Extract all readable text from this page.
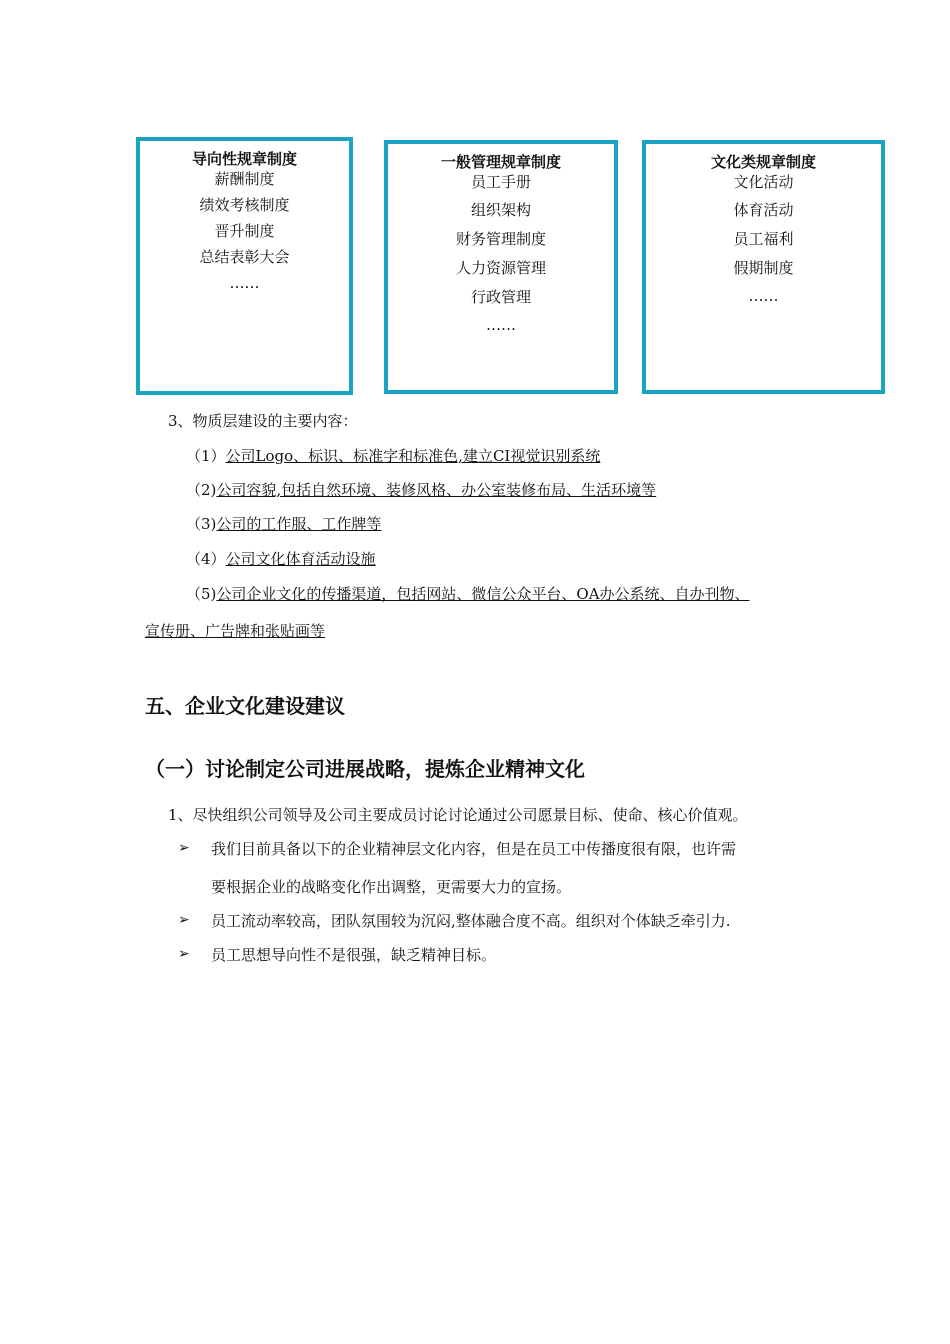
导向性规章制度
薪酬制度
绩效考核制度
晋升制度
总结表彰大会
……
一般管理规章制度
员工手册
组织架构
财务管理制度
人力资源管理
行政管理
……
文化类规章制度
文化活动
体育活动
员工福利
假期制度
……
3、物质层建设的主要内容：
（1）公司Logo、标识、标准字和标准色,建立CI视觉识别系统
（2)公司容貌,包括自然环境、装修风格、办公室装修布局、生活环境等
（3)公司的工作服、工作牌等
（4）公司文化体育活动设施
（5)公司企业文化的传播渠道，包括网站、微信公众平台、OA办公系统、自办刊物、
宣传册、广告牌和张贴画等
五、企业文化建设建议
（一）讨论制定公司进展战略，提炼企业精神文化
1、尽快组织公司领导及公司主要成员讨论讨论通过公司愿景目标、使命、核心价值观。
➢ 我们目前具备以下的企业精神层文化内容，但是在员工中传播度很有限，也许需
要根据企业的战略变化作出调整，更需要大力的宣扬。
➢ 员工流动率较高，团队氛围较为沉闷,整体融合度不高。组织对个体缺乏牵引力.
➢ 员工思想导向性不是很强，缺乏精神目标。
